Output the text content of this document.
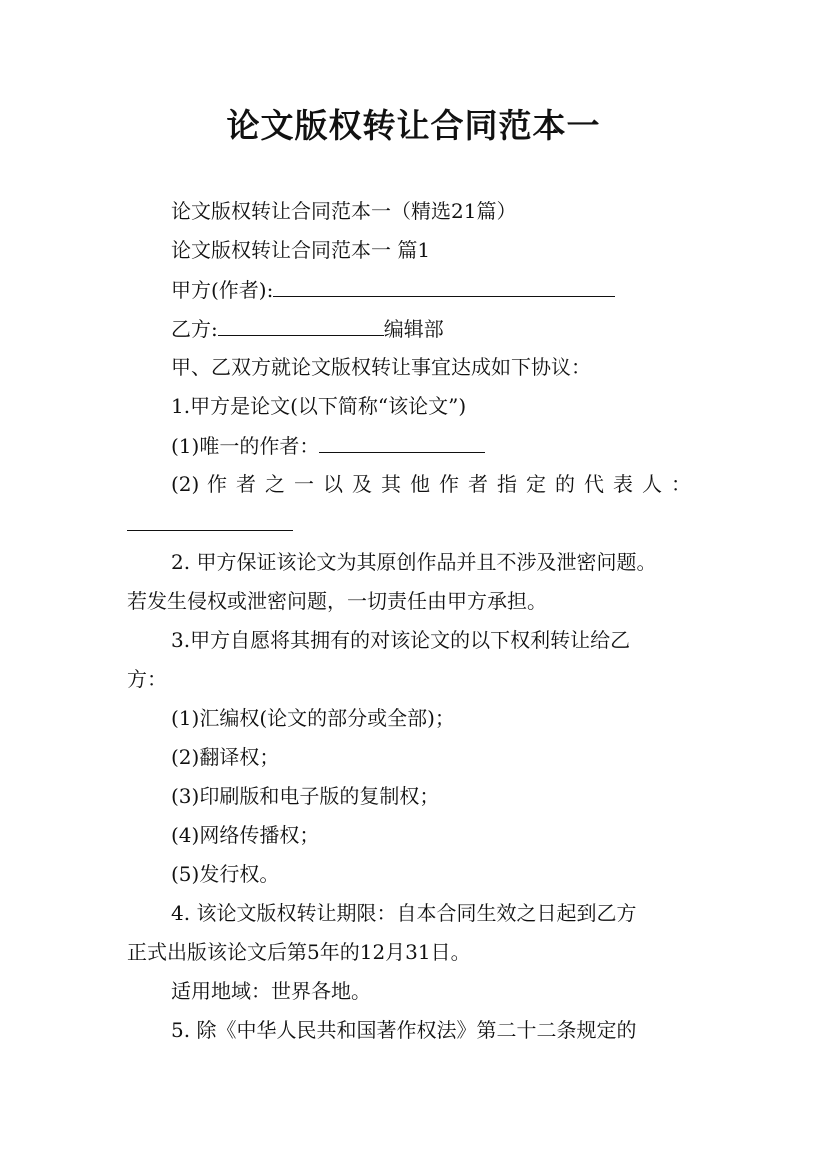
论文版权转让合同范本一
论文版权转让合同范本一（精选21篇）
论文版权转让合同范本一 篇1
甲方(作者):
乙方:	编辑部
甲、乙双方就论文版权转让事宜达成如下协议：
1.甲方是论文(以下简称“该论文”)
(1)唯一的作者：
(2) 作 者 之 一 以 及 其 他 作 者 指 定 的 代 表 人 ：
2. 甲方保证该论文为其原创作品并且不涉及泄密问题。
若发生侵权或泄密问题，一切责任由甲方承担。
3.甲方自愿将其拥有的对该论文的以下权利转让给乙
方：
(1)汇编权(论文的部分或全部)；
(2)翻译权；
(3)印刷版和电子版的复制权；
(4)网络传播权；
(5)发行权。
4. 该论文版权转让期限：自本合同生效之日起到乙方
正式出版该论文后第5年的12月31日。
适用地域：世界各地。
5. 除《中华人民共和国著作权法》第二十二条规定的
